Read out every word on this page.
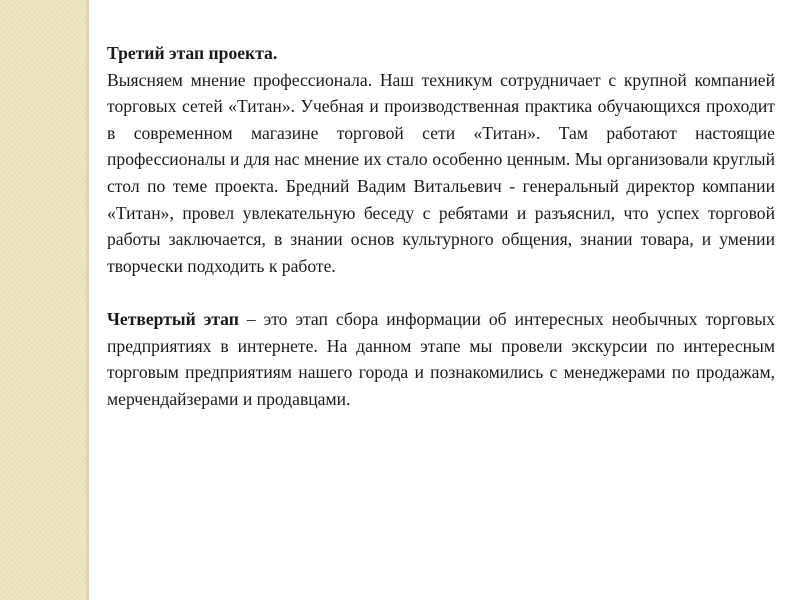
Третий этап проекта.
Выясняем мнение профессионала. Наш техникум сотрудничает с крупной компанией торговых сетей «Титан». Учебная и производственная практика обучающихся проходит в современном магазине торговой сети «Титан». Там работают настоящие профессионалы и для нас мнение их стало особенно ценным. Мы организовали круглый стол по теме проекта. Бредний Вадим Витальевич - генеральный директор компании «Титан», провел увлекательную беседу с ребятами и разъяснил, что успех торговой работы заключается, в знании основ культурного общения, знании товара, и умении творчески подходить к работе.

Четвертый этап – это этап сбора информации об интересных необычных торговых предприятиях в интернете. На данном этапе мы провели экскурсии по интересным торговым предприятиям нашего города и познакомились с менеджерами по продажам, мерчендайзерами и продавцами.
